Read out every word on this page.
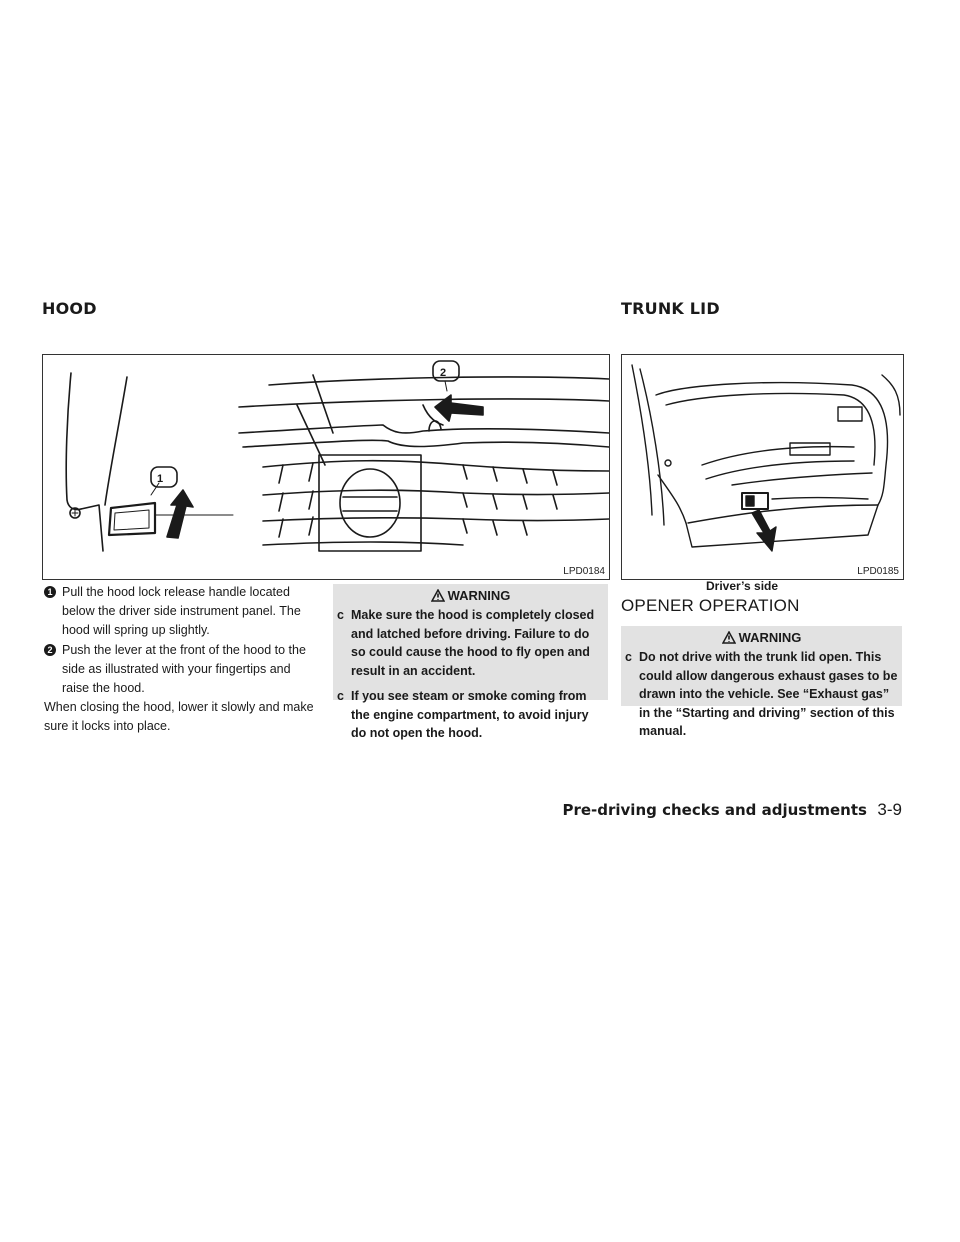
HOOD	TRUNK LID
1
2
LPD0184	LPD0185
Driver’s side
1 Pull the hood lock release handle located below the driver side instrument panel. The hood will spring up slightly.
2 Push the lever at the front of the hood to the side as illustrated with your fingertips and raise the hood.
When closing the hood, lower it slowly and make sure it locks into place.
WARNING
c Make sure the hood is completely closed and latched before driving. Failure to do so could cause the hood to fly open and result in an accident.
c If you see steam or smoke coming from the engine compartment, to avoid injury do not open the hood.
OPENER OPERATION
WARNING
c Do not drive with the trunk lid open. This could allow dangerous exhaust gases to be drawn into the vehicle. See “Exhaust gas” in the “Starting and driving” section of this manual.
Pre-driving checks and adjustments 3-9
